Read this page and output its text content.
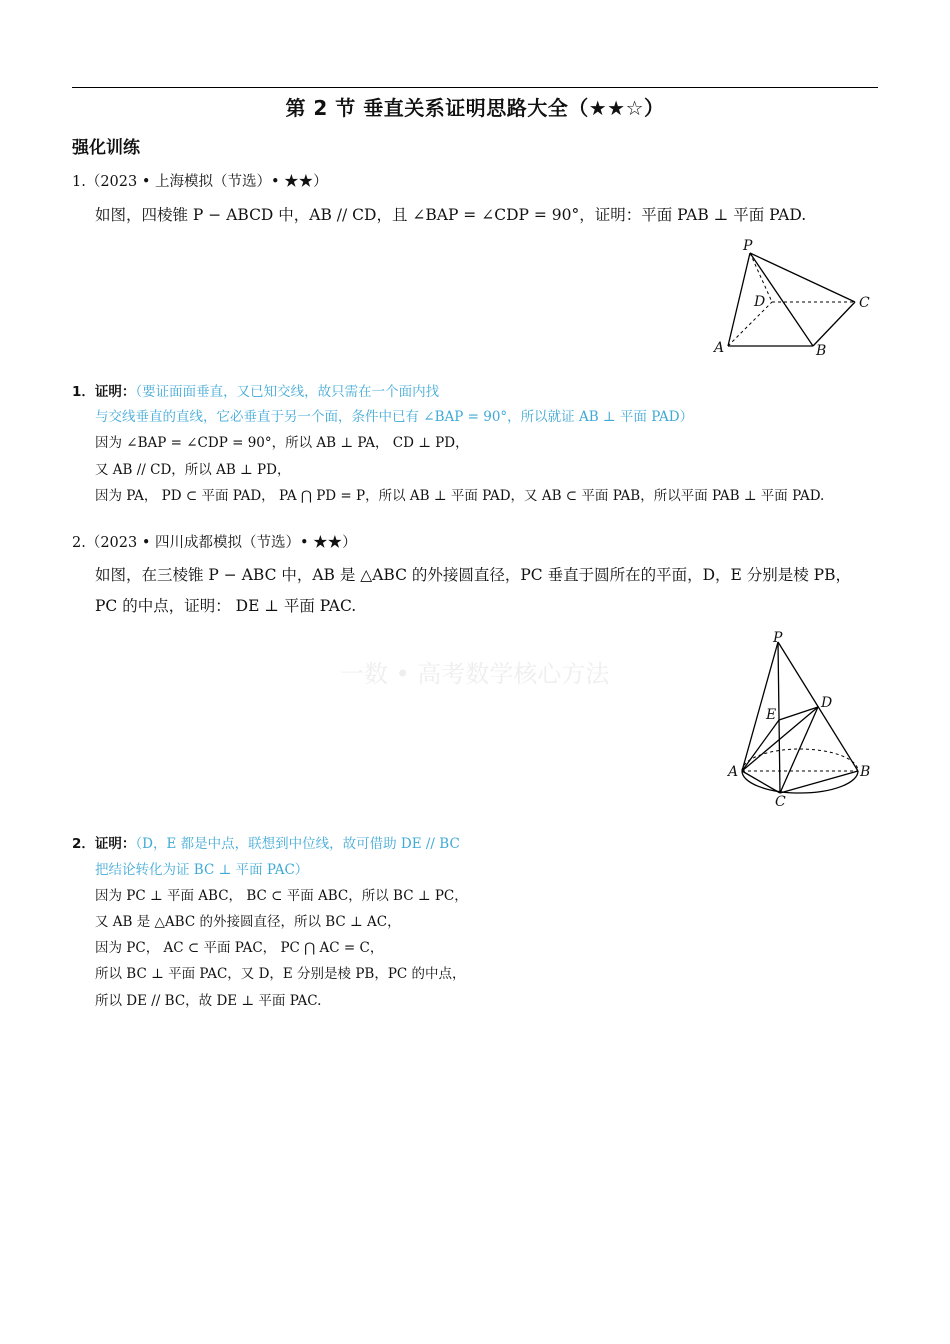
第 2 节 垂直关系证明思路大全（★★☆）
强化训练
一数 • 高考数学核心方法
1.（2023 • 上海模拟（节选）• ★★）
如图，四棱锥 P − ABCD 中，AB // CD，且 ∠BAP = ∠CDP = 90°，证明：平面 PAB ⊥ 平面 PAD.
P
D	C
A	B
1．证明：（要证面面垂直，又已知交线，故只需在一个面内找
与交线垂直的直线，它必垂直于另一个面，条件中已有 ∠BAP = 90°，所以就证 AB ⊥ 平面 PAD）
因为 ∠BAP = ∠CDP = 90°，所以 AB ⊥ PA， CD ⊥ PD，
又 AB // CD，所以 AB ⊥ PD，
因为 PA， PD ⊂ 平面 PAD， PA ⋂ PD = P，所以 AB ⊥ 平面 PAD，又 AB ⊂ 平面 PAB，所以平面 PAB ⊥ 平面 PAD.
2.（2023 • 四川成都模拟（节选）• ★★）
如图，在三棱锥 P − ABC 中，AB 是 △ABC 的外接圆直径，PC 垂直于圆所在的平面，D，E 分别是棱 PB，
PC 的中点，证明： DE ⊥ 平面 PAC.
P
D
E
A	B
C
2．证明：（D，E 都是中点，联想到中位线，故可借助 DE // BC
把结论转化为证 BC ⊥ 平面 PAC）
因为 PC ⊥ 平面 ABC， BC ⊂ 平面 ABC，所以 BC ⊥ PC，
又 AB 是 △ABC 的外接圆直径，所以 BC ⊥ AC，
因为 PC， AC ⊂ 平面 PAC， PC ⋂ AC = C，
所以 BC ⊥ 平面 PAC，又 D，E 分别是棱 PB，PC 的中点，
所以 DE // BC，故 DE ⊥ 平面 PAC.
